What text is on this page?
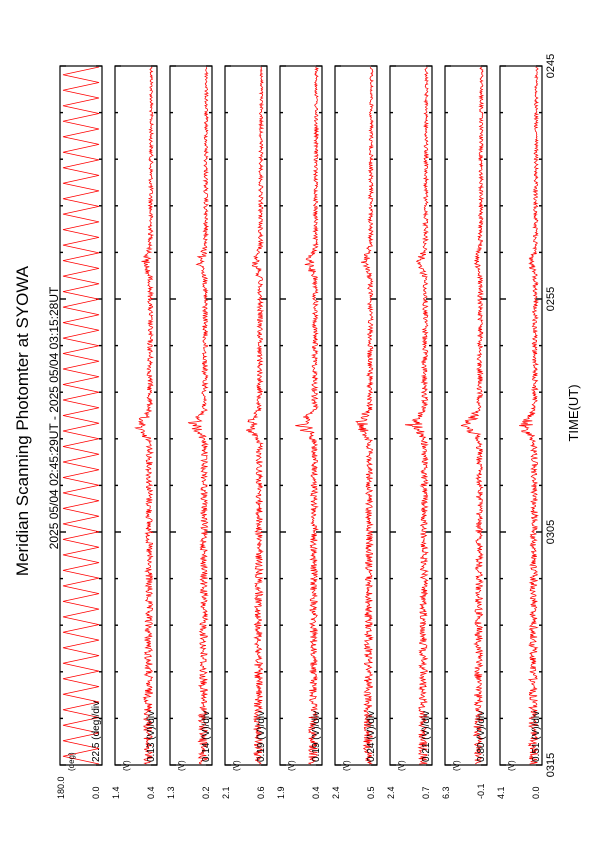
Meridian Scanning Photomter at SYOWA 2025 05/04 02:45:29UT - 2025 05/04 03:15:28UT	TIME(UT)
22.5 (deg)/div
180.0
(deg)
0.0
0.13 (V)/div
1.4
(V)
0.4
0.14 (V)/div
1.3
(V)
0.2
0.19 (V)/div
2.1
(V)
0.6
0.19 (V)/div
1.9
(V)
0.4
0.24 (V)/div
2.4
(V)
0.5
0.21 (V)/div
2.4
(V)
0.7
0.80 (V)/div
6.3
(V)
-0.1
0.51 (V)/div
4.1
(V)
0.0
0245
0255
0305
0315
